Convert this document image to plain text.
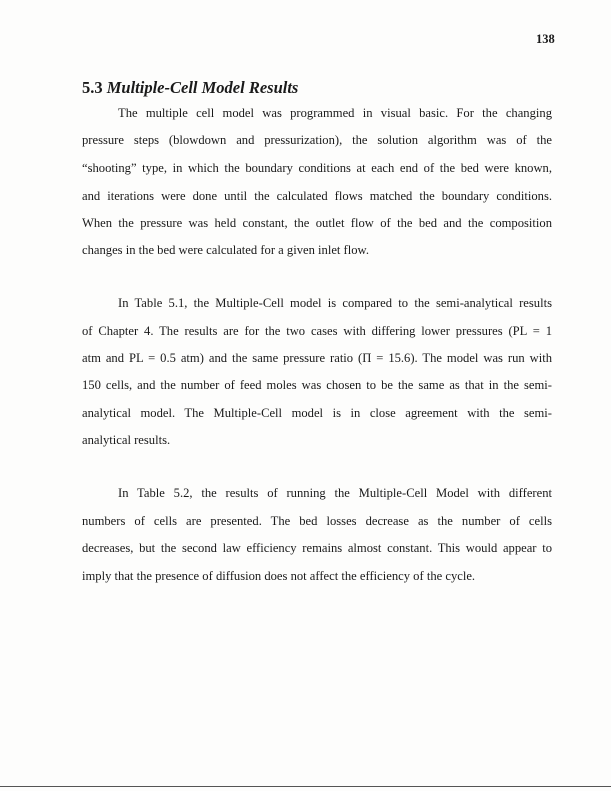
138
5.3 Multiple-Cell Model Results
The multiple cell model was programmed in visual basic. For the changing
pressure steps (blowdown and pressurization), the solution algorithm was of the
“shooting” type, in which the boundary conditions at each end of the bed were known,
and iterations were done until the calculated flows matched the boundary conditions.
When the pressure was held constant, the outlet flow of the bed and the composition
changes in the bed were calculated for a given inlet flow.
In Table 5.1, the Multiple-Cell model is compared to the semi-analytical results
of Chapter 4. The results are for the two cases with differing lower pressures (PL = 1
atm and PL = 0.5 atm) and the same pressure ratio (Π = 15.6). The model was run with
150 cells, and the number of feed moles was chosen to be the same as that in the semi-
analytical model. The Multiple-Cell model is in close agreement with the semi-
analytical results.
In Table 5.2, the results of running the Multiple-Cell Model with different
numbers of cells are presented. The bed losses decrease as the number of cells
decreases, but the second law efficiency remains almost constant. This would appear to
imply that the presence of diffusion does not affect the efficiency of the cycle.
